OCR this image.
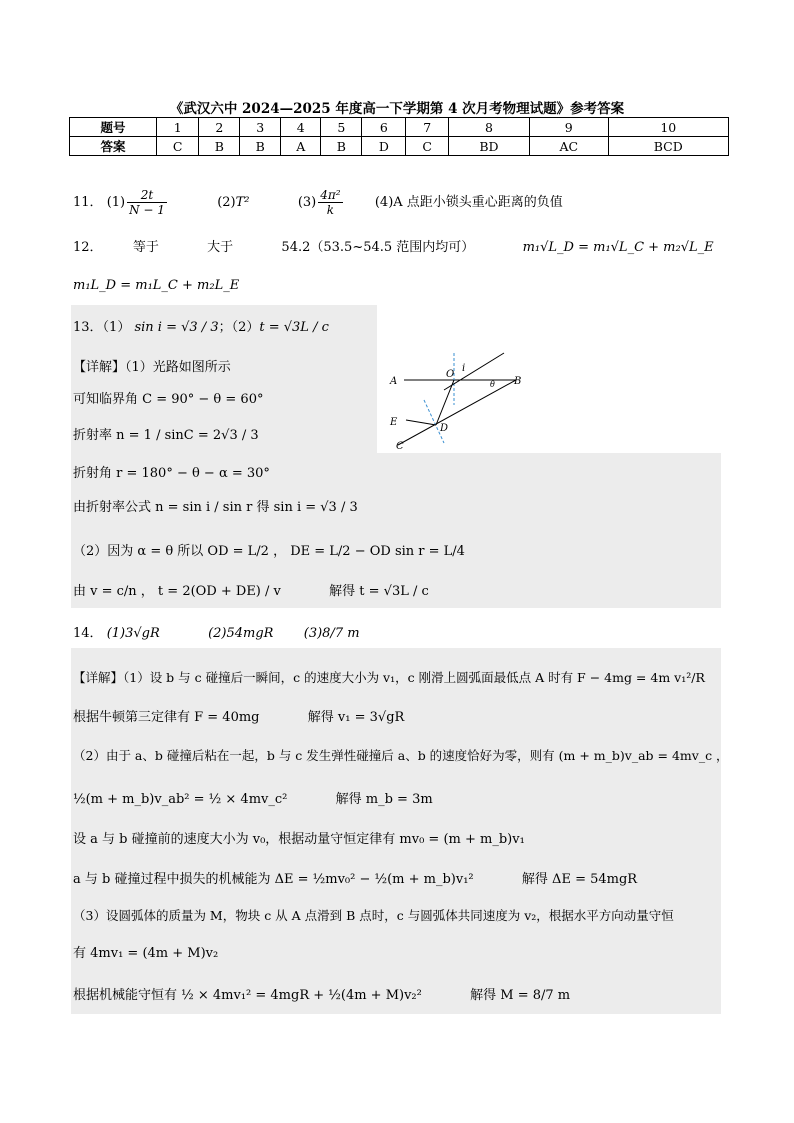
《武汉六中 2024—2025 年度高一下学期第 4 次月考物理试题》参考答案
题号	1	2	3	4	5	6	7	8	9	10
答案	C	B	B	A	B	D	C	BD	AC	BCD
11． $(1) \frac{2t}{N - 1}$	(2)T²	$(3) \frac{\text{4π²}}{k} (4)A$ 点距小锁头重心距离的负值
12． 等于	大于	54.2（53.5~54.5 范围内均可）	m₁√L_D = m₁√L_C + m₂√L_E
m₁L_D = m₁L_C + m₂L_E
13．（1） sin i = √3 / 3；（2）t = √3L / c
【详解】（1）光路如图所示
可知临界角 C = 90° − θ = 60°
折射率 n = 1 / sinC = 2√3 / 3
折射角 r = 180° − θ − α = 30°
由折射率公式 n = sin i / sin r 得 sin i = √3 / 3
（2）因为 α = θ 所以 OD = L/2 ， DE = L/2 − OD sin r = L/4
由 v = c/n ， t = 2(OD + DE) / v	解得 t = √3L / c
A	B
C
D
E
O
i
θ
14． (1)3√gR	(2)54mgR (3)8/7 m
【详解】（1）设 b 与 c 碰撞后一瞬间，c 的速度大小为 v₁，c 刚滑上圆弧面最低点 A 时有 F − 4mg = 4m v₁²/R
根据牛顿第三定律有 F = 40mg	解得 v₁ = 3√gR
（2）由于 a、b 碰撞后粘在一起，b 与 c 发生弹性碰撞后 a、b 的速度恰好为零，则有 (m + m_b)v_ab = 4mv_c ，
½(m + m_b)v_ab² = ½ × 4mv_c²	解得 m_b = 3m
设 a 与 b 碰撞前的速度大小为 v₀，根据动量守恒定律有 mv₀ = (m + m_b)v₁
a 与 b 碰撞过程中损失的机械能为 ΔE = ½mv₀² − ½(m + m_b)v₁²	解得 ΔE = 54mgR
（3）设圆弧体的质量为 M，物块 c 从 A 点滑到 B 点时，c 与圆弧体共同速度为 v₂，根据水平方向动量守恒
有 4mv₁ = (4m + M)v₂
根据机械能守恒有 ½ × 4mv₁² = 4mgR + ½(4m + M)v₂²	解得 M = 8/7 m
